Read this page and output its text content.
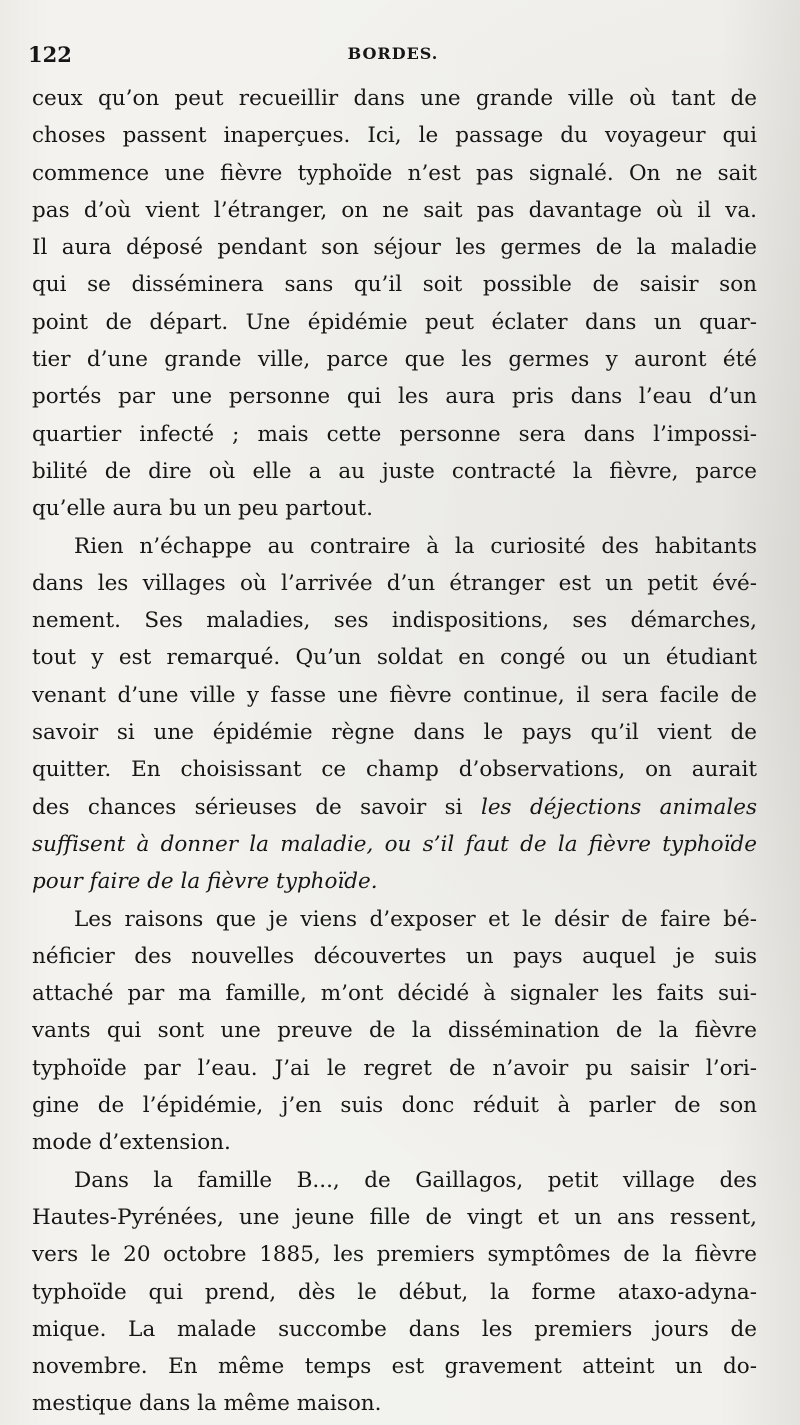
122	BORDES.
ceux qu’on peut recueillir dans une grande ville où tant de
choses passent inaperçues. Ici, le passage du voyageur qui
commence une fièvre typhoïde n’est pas signalé. On ne sait
pas d’où vient l’étranger, on ne sait pas davantage où il va.
Il aura déposé pendant son séjour les germes de la maladie
qui se disséminera sans qu’il soit possible de saisir son
point de départ. Une épidémie peut éclater dans un quar-
tier d’une grande ville, parce que les germes y auront été
portés par une personne qui les aura pris dans l’eau d’un
quartier infecté ; mais cette personne sera dans l’impossi-
bilité de dire où elle a au juste contracté la fièvre, parce
qu’elle aura bu un peu partout.
Rien n’échappe au contraire à la curiosité des habitants
dans les villages où l’arrivée d’un étranger est un petit évé-
nement. Ses maladies, ses indispositions, ses démarches,
tout y est remarqué. Qu’un soldat en congé ou un étudiant
venant d’une ville y fasse une fièvre continue, il sera facile de
savoir si une épidémie règne dans le pays qu’il vient de
quitter. En choisissant ce champ d’observations, on aurait
des chances sérieuses de savoir si les déjections animales
suffisent à donner la maladie, ou s’il faut de la fièvre typhoïde
pour faire de la fièvre typhoïde.
Les raisons que je viens d’exposer et le désir de faire bé-
néficier des nouvelles découvertes un pays auquel je suis
attaché par ma famille, m’ont décidé à signaler les faits sui-
vants qui sont une preuve de la dissémination de la fièvre
typhoïde par l’eau. J’ai le regret de n’avoir pu saisir l’ori-
gine de l’épidémie, j’en suis donc réduit à parler de son
mode d’extension.
Dans la famille B..., de Gaillagos, petit village des
Hautes-Pyrénées, une jeune fille de vingt et un ans ressent,
vers le 20 octobre 1885, les premiers symptômes de la fièvre
typhoïde qui prend, dès le début, la forme ataxo-adyna-
mique. La malade succombe dans les premiers jours de
novembre. En même temps est gravement atteint un do-
mestique dans la même maison.
